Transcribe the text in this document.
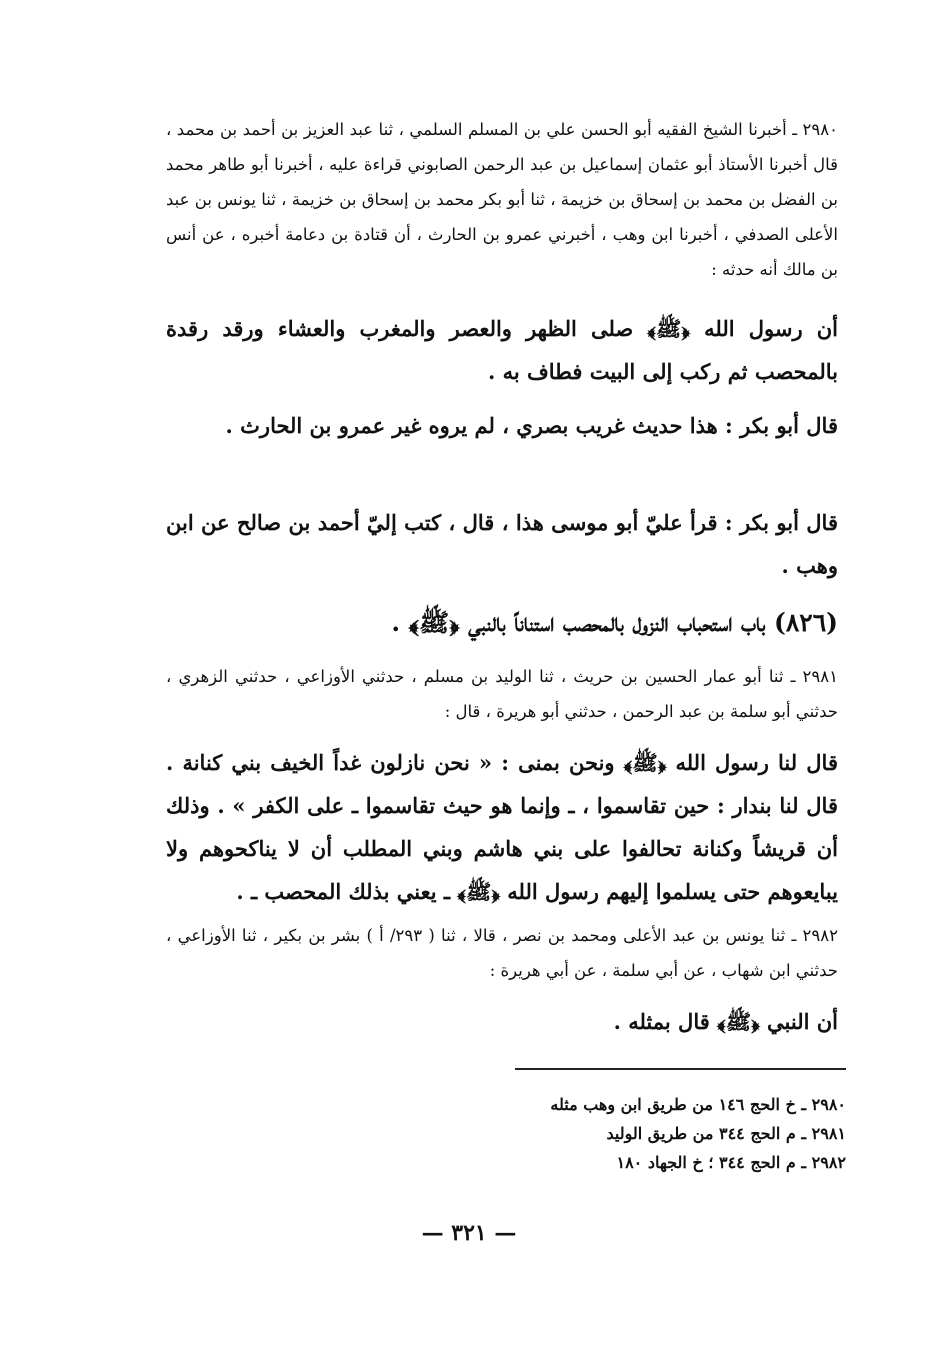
٢٩٨٠ ـ أخبرنا الشيخ الفقيه أبو الحسن علي بن المسلم السلمي ، ثنا عبد العزيز بن أحمد بن محمد ، قال أخبرنا الأستاذ أبو عثمان إسماعيل بن عبد الرحمن الصابوني قراءة عليه ، أخبرنا أبو طاهر محمد بن الفضل بن محمد بن إسحاق بن خزيمة ، ثنا أبو بكر محمد بن إسحاق بن خزيمة ، ثنا يونس بن عبد الأعلى الصدفي ، أخبرنا ابن وهب ، أخبرني عمرو بن الحارث ، أن قتادة بن دعامة أخبره ، عن أنس بن مالك أنه حدثه :

أن رسول الله ﴿ﷺ﴾ صلى الظهر والعصر والمغرب والعشاء ورقد رقدة بالمحصب ثم ركب إلى البيت فطاف به .

قال أبو بكر : هذا حديث غريب بصري ، لم يروه غير عمرو بن الحارث .

قال أبو بكر : قرأ عليّ أبو موسى هذا ، قال ، كتب إليّ أحمد بن صالح عن ابن وهب .

(٨٢٦) باب استحباب النزول بالمحصب استناناً بالنبي ﴿ﷺ﴾ .

٢٩٨١ ـ ثنا أبو عمار الحسين بن حريث ، ثنا الوليد بن مسلم ، حدثني الأوزاعي ، حدثني الزهري ، حدثني أبو سلمة بن عبد الرحمن ، حدثني أبو هريرة ، قال :

قال لنا رسول الله ﴿ﷺ﴾ ونحن بمنى : « نحن نازلون غداً الخيف بني كنانة . قال لنا بندار : حين تقاسموا ، ـ وإنما هو حيث تقاسموا ـ على الكفر » . وذلك أن قريشاً وكنانة تحالفوا على بني هاشم وبني المطلب أن لا يناكحوهم ولا يبايعوهم حتى يسلموا إليهم رسول الله ﴿ﷺ﴾ ـ يعني بذلك المحصب ـ .

٢٩٨٢ ـ ثنا يونس بن عبد الأعلى ومحمد بن نصر ، قالا ، ثنا ( ٢٩٣/ أ ) بشر بن بكير ، ثنا الأوزاعي ، حدثني ابن شهاب ، عن أبي سلمة ، عن أبي هريرة :

أن النبي ﴿ﷺ﴾ قال بمثله .

٢٩٨٠ ـ خ الحج ١٤٦ من طريق ابن وهب مثله

٢٩٨١ ـ م الحج ٣٤٤ من طريق الوليد

٢٩٨٢ ـ م الحج ٣٤٤ ؛ خ الجهاد ١٨٠

— ٣٢١ —
